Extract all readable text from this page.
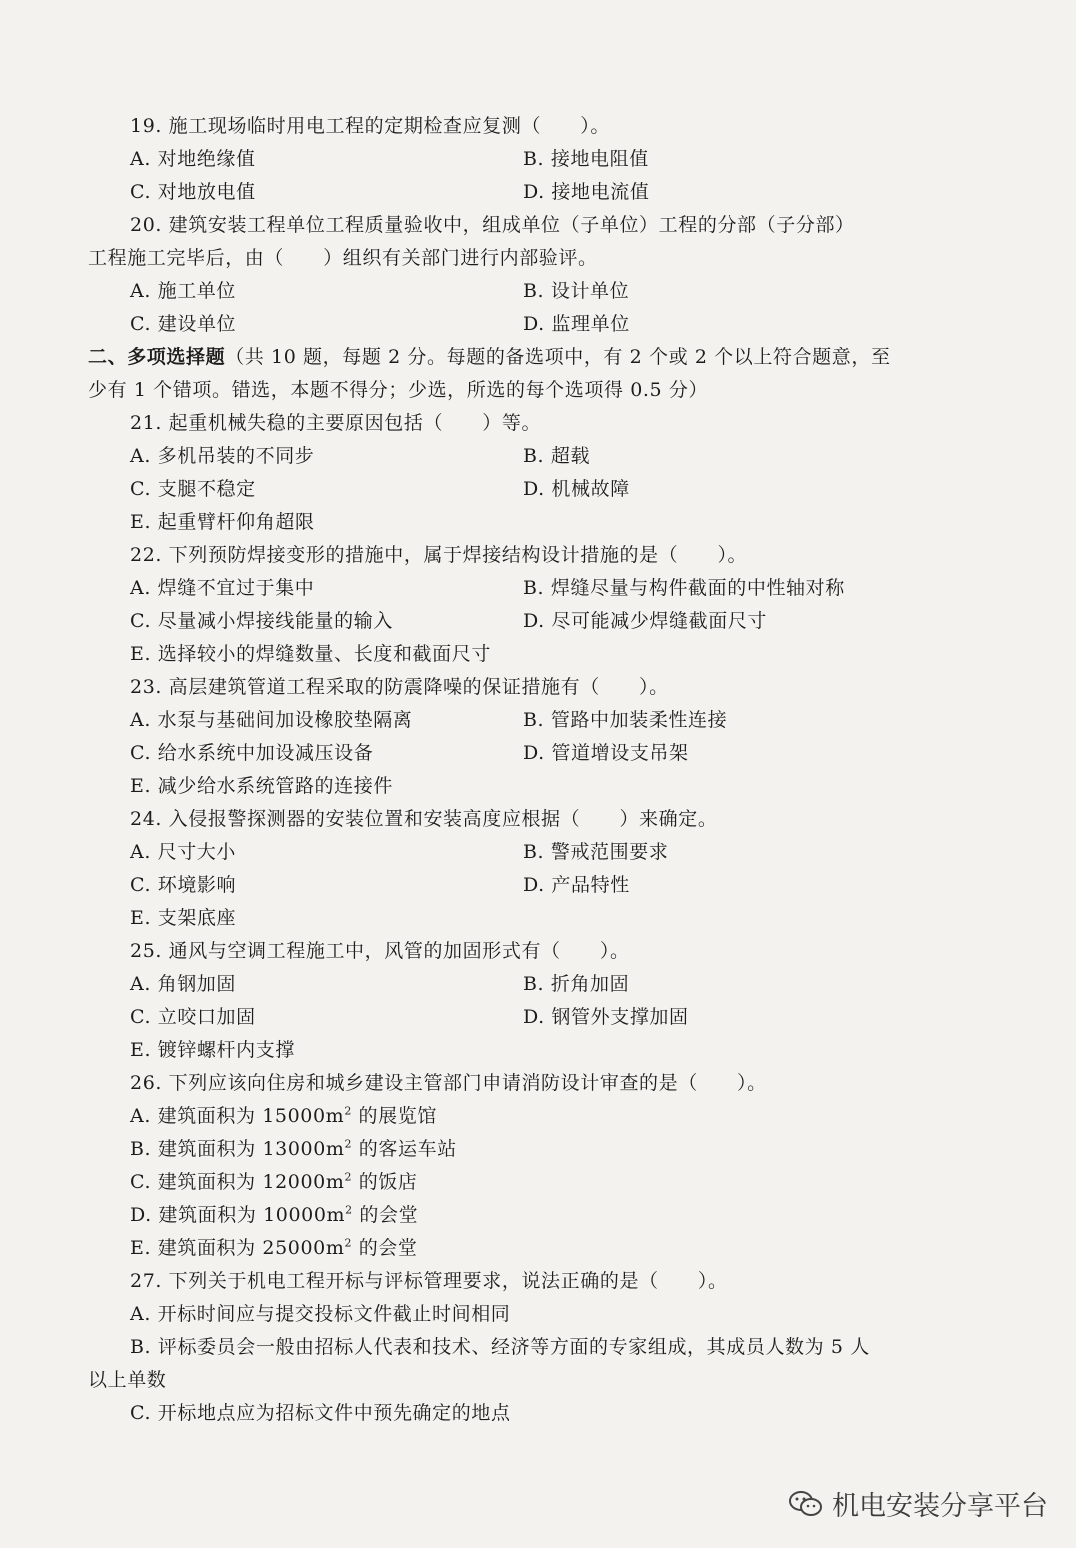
19. 施工现场临时用电工程的定期检查应复测（　　）。
A. 对地绝缘值	B. 接地电阻值
C. 对地放电值	D. 接地电流值
20. 建筑安装工程单位工程质量验收中，组成单位（子单位）工程的分部（子分部）
工程施工完毕后，由（　　）组织有关部门进行内部验评。
A. 施工单位	B. 设计单位
C. 建设单位	D. 监理单位
二、多项选择题（共 10 题，每题 2 分。每题的备选项中，有 2 个或 2 个以上符合题意，至
少有 1 个错项。错选，本题不得分；少选，所选的每个选项得 0.5 分）
21. 起重机械失稳的主要原因包括（　　）等。
A. 多机吊装的不同步	B. 超载
C. 支腿不稳定	D. 机械故障
E. 起重臂杆仰角超限
22. 下列预防焊接变形的措施中，属于焊接结构设计措施的是（　　）。
A. 焊缝不宜过于集中	B. 焊缝尽量与构件截面的中性轴对称
C. 尽量减小焊接线能量的输入	D. 尽可能减少焊缝截面尺寸
E. 选择较小的焊缝数量、长度和截面尺寸
23. 高层建筑管道工程采取的防震降噪的保证措施有（　　）。
A. 水泵与基础间加设橡胶垫隔离	B. 管路中加装柔性连接
C. 给水系统中加设减压设备	D. 管道增设支吊架
E. 减少给水系统管路的连接件
24. 入侵报警探测器的安装位置和安装高度应根据（　　）来确定。
A. 尺寸大小	B. 警戒范围要求
C. 环境影响	D. 产品特性
E. 支架底座
25. 通风与空调工程施工中，风管的加固形式有（　　）。
A. 角钢加固	B. 折角加固
C. 立咬口加固	D. 钢管外支撑加固
E. 镀锌螺杆内支撑
26. 下列应该向住房和城乡建设主管部门申请消防设计审查的是（　　）。
A. 建筑面积为 $15000m^2$ 的展览馆
B. 建筑面积为 $13000m^2$ 的客运车站
C. 建筑面积为 $12000m^2$ 的饭店
D. 建筑面积为 $10000m^2$ 的会堂
E. 建筑面积为 $25000m^2$ 的会堂
27. 下列关于机电工程开标与评标管理要求，说法正确的是（　　）。
A. 开标时间应与提交投标文件截止时间相同
B. 评标委员会一般由招标人代表和技术、经济等方面的专家组成，其成员人数为 5 人
以上单数
C. 开标地点应为招标文件中预先确定的地点
机电安装分享平台
